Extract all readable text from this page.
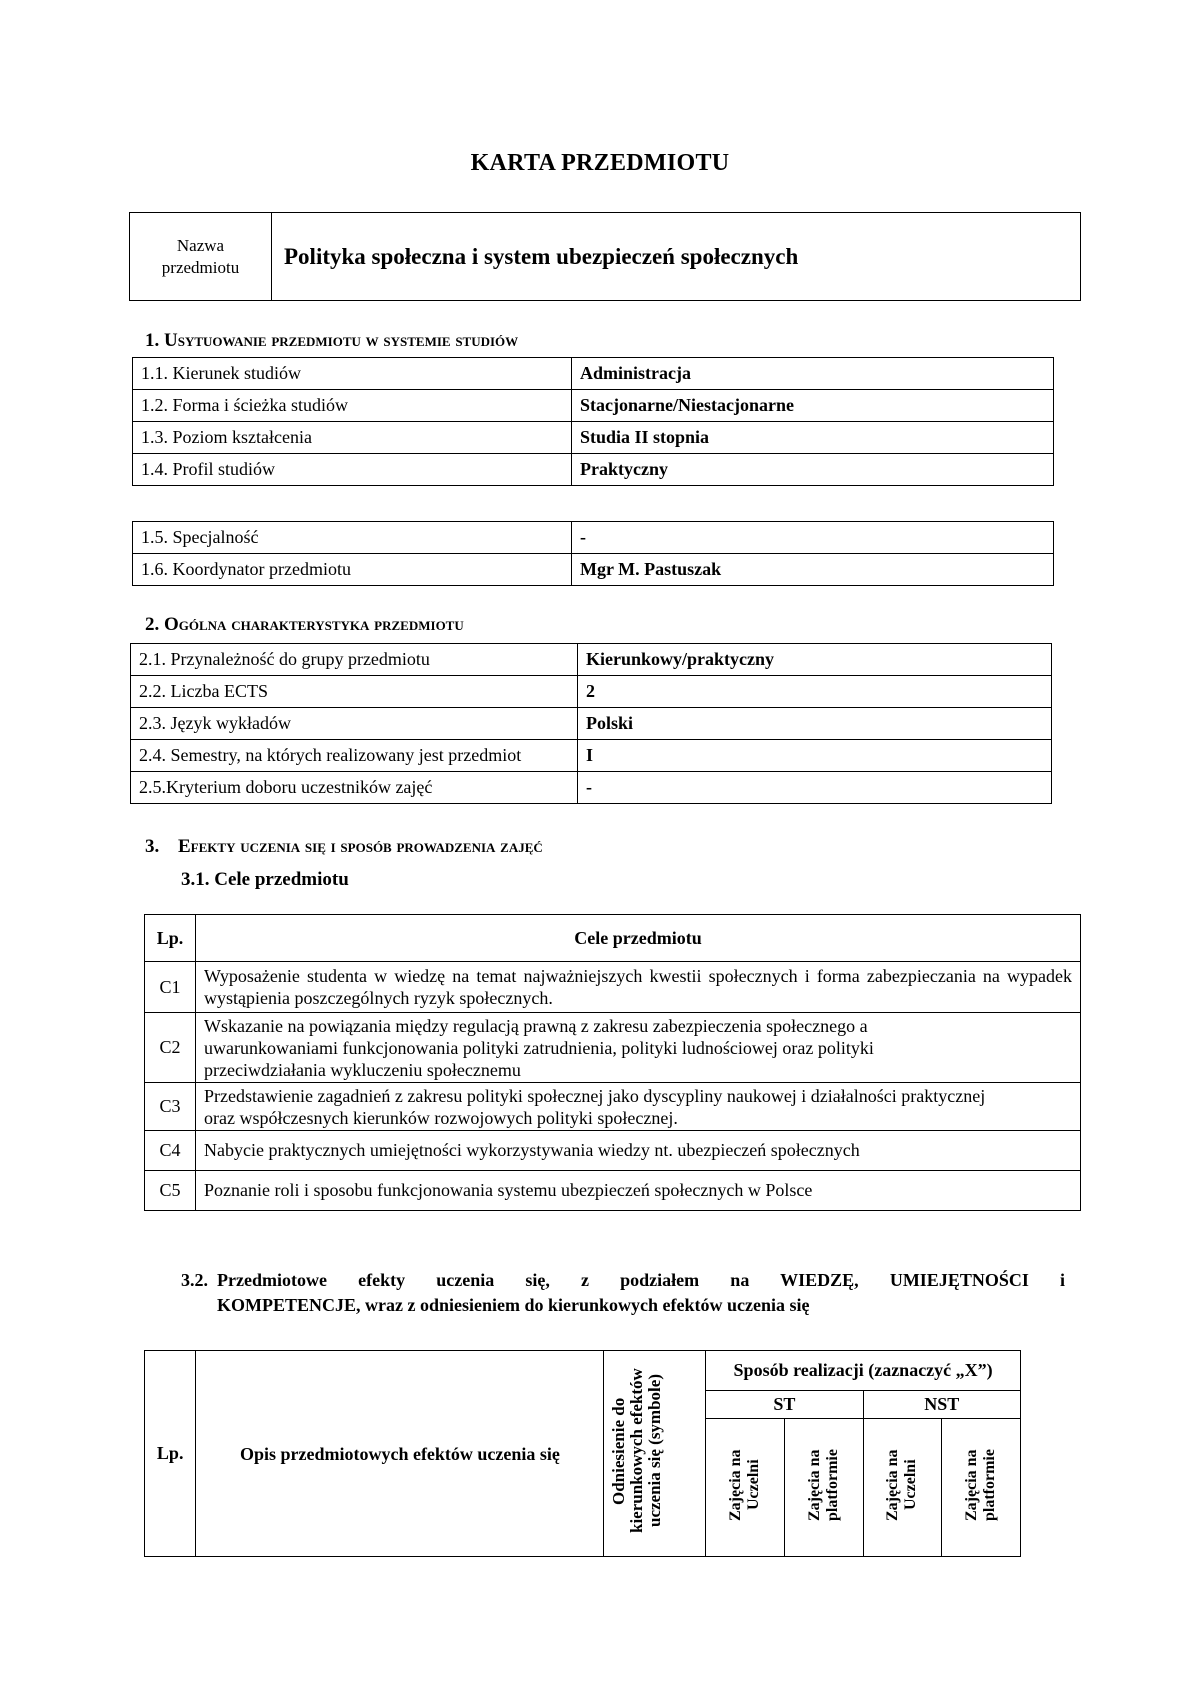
KARTA PRZEDMIOTU
Nazwa przedmiotu	Polityka społeczna i system ubezpieczeń społecznych
1. Usytuowanie przedmiotu w systemie studiów
1.1. Kierunek studiów	Administracja
1.2. Forma i ścieżka studiów	Stacjonarne/Niestacjonarne
1.3. Poziom kształcenia	Studia II stopnia
1.4. Profil studiów	Praktyczny
1.5. Specjalność	-
1.6. Koordynator przedmiotu	Mgr M. Pastuszak
2. Ogólna charakterystyka przedmiotu
2.1. Przynależność do grupy przedmiotu	Kierunkowy/praktyczny
2.2. Liczba ECTS	2
2.3. Język wykładów	Polski
2.4. Semestry, na których realizowany jest przedmiot	I
2.5.Kryterium doboru uczestników zajęć	-
3. Efekty uczenia się i sposób prowadzenia zajęć
3.1. Cele przedmiotu
Lp.	Cele przedmiotu
C1	Wyposażenie studenta w wiedzę na temat najważniejszych kwestii społecznych i forma zabezpieczania na wypadek wystąpienia poszczególnych ryzyk społecznych.
C2	Wskazanie na powiązania między regulacją prawną z zakresu zabezpieczenia społecznego a uwarunkowaniami funkcjonowania polityki zatrudnienia, polityki ludnościowej oraz polityki przeciwdziałania wykluczeniu społecznemu
C3	Przedstawienie zagadnień z zakresu polityki społecznej jako dyscypliny naukowej i działalności praktycznej oraz współczesnych kierunków rozwojowych polityki społecznej.
C4	Nabycie praktycznych umiejętności wykorzystywania wiedzy nt. ubezpieczeń społecznych
C5	Poznanie roli i sposobu funkcjonowania systemu ubezpieczeń społecznych w Polsce
3.2. Przedmiotowe efekty uczenia się, z podziałem na WIEDZĘ, UMIEJĘTNOŚCI i
KOMPETENCJE, wraz z odniesieniem do kierunkowych efektów uczenia się
Lp.	Opis przedmiotowych efektów uczenia się	Odniesienie do kierunkowych efektów uczenia się (symbole)	Sposób realizacji (zaznaczyć „X”)			
			ST		NST	
			Zajęcia na Uczelni	Zajęcia na platformie	Zajęcia na Uczelni	Zajęcia na platformie
